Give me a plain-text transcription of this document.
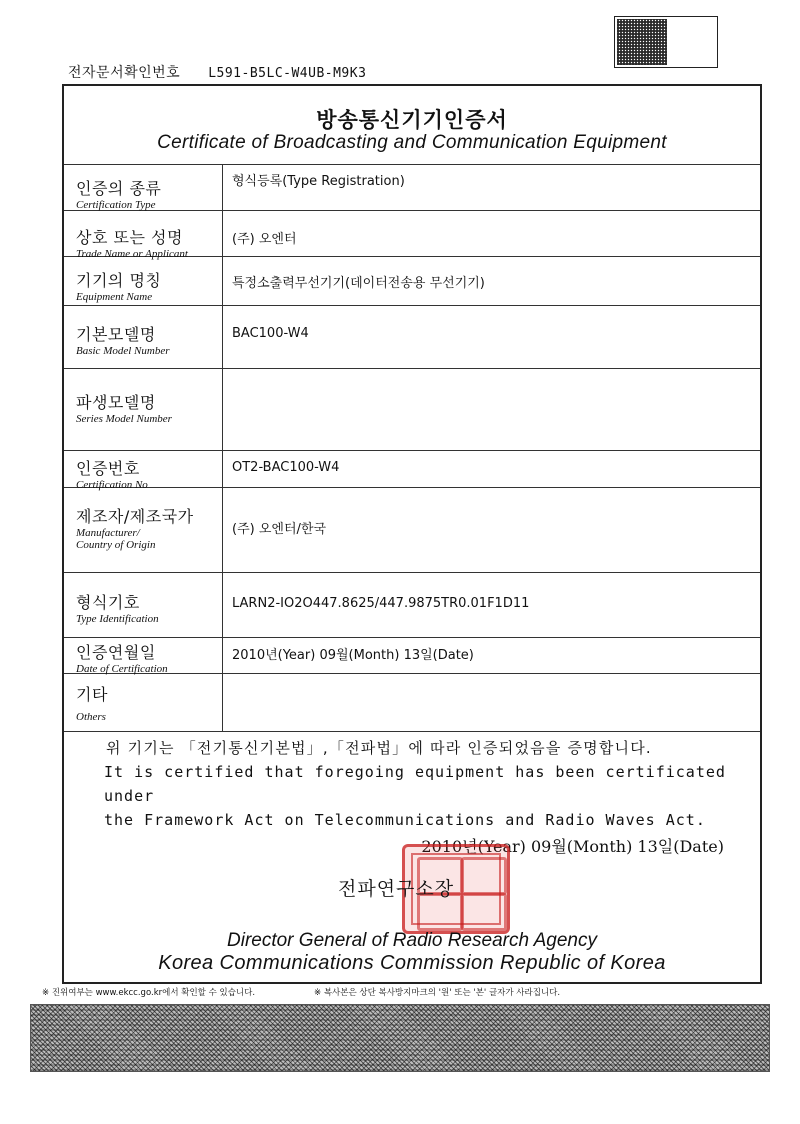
전자문서확인번호 L591-B5LC-W4UB-M9K3
방송통신기기인증서
Certificate of Broadcasting and Communication Equipment
인증의 종류
Certification Type
형식등록(Type Registration)
상호 또는 성명
Trade Name or Applicant
(주) 오엔터
기기의 명칭
Equipment Name
특정소출력무선기기(데이터전송용 무선기기)
기본모델명
Basic Model Number
BAC100-W4
파생모델명
Series Model Number
인증번호
Certification No
OT2-BAC100-W4
제조자/제조국가
Manufacturer/
Country of Origin
(주) 오엔터/한국
형식기호
Type Identification
LARN2-IO2O447.8625/447.9875TR0.01F1D11
인증연월일
Date of Certification
2010년(Year) 09월(Month) 13일(Date)
기타
Others
위 기기는 「전기통신기본법」,「전파법」에 따라 인증되었음을 증명합니다.
It is certified that foregoing equipment has been certificated under
the Framework Act on Telecommunications and Radio Waves Act.
2010년(Year) 09월(Month) 13일(Date)
전파연구소장
Director General of Radio Research Agency
Korea Communications Commission Republic of Korea
※ 진위여부는 www.ekcc.go.kr에서 확인할 수 있습니다.	※ 복사본은 상단 복사방지마크의 '원' 또는 '본' 글자가 사라집니다.
